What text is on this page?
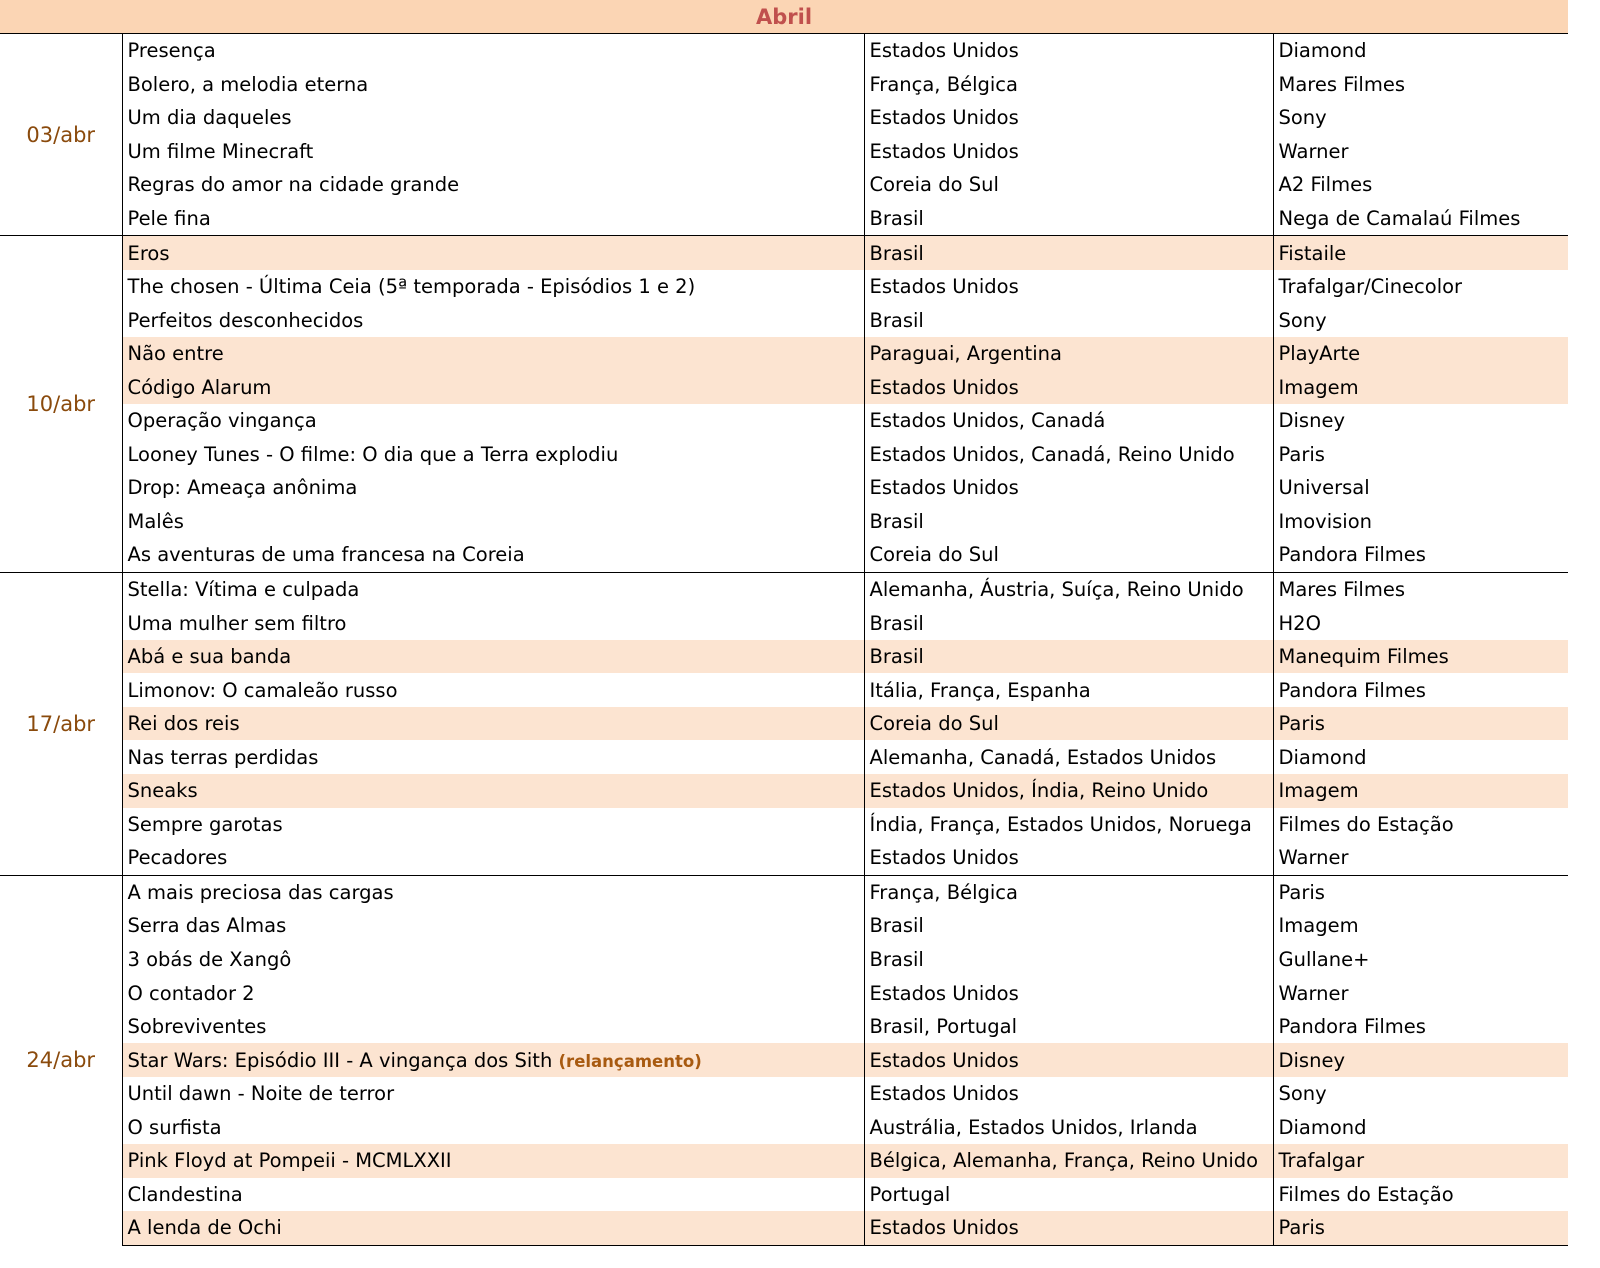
Abril			
03/abr	Presença	Estados Unidos	Diamond
	Bolero, a melodia eterna	França, Bélgica	Mares Filmes
	Um dia daqueles	Estados Unidos	Sony
	Um filme Minecraft	Estados Unidos	Warner
	Regras do amor na cidade grande	Coreia do Sul	A2 Filmes
	Pele fina	Brasil	Nega de Camalaú Filmes
10/abr	Eros	Brasil	Fistaile
	The chosen - Última Ceia (5ª temporada - Episódios 1 e 2)	Estados Unidos	Trafalgar/Cinecolor
	Perfeitos desconhecidos	Brasil	Sony
	Não entre	Paraguai, Argentina	PlayArte
	Código Alarum	Estados Unidos	Imagem
	Operação vingança	Estados Unidos, Canadá	Disney
	Looney Tunes - O filme: O dia que a Terra explodiu	Estados Unidos, Canadá, Reino Unido	Paris
	Drop: Ameaça anônima	Estados Unidos	Universal
	Malês	Brasil	Imovision
	As aventuras de uma francesa na Coreia	Coreia do Sul	Pandora Filmes
17/abr	Stella: Vítima e culpada	Alemanha, Áustria, Suíça, Reino Unido	Mares Filmes
	Uma mulher sem filtro	Brasil	H2O
	Abá e sua banda	Brasil	Manequim Filmes
	Limonov: O camaleão russo	Itália, França, Espanha	Pandora Filmes
	Rei dos reis	Coreia do Sul	Paris
	Nas terras perdidas	Alemanha, Canadá, Estados Unidos	Diamond
	Sneaks	Estados Unidos, Índia, Reino Unido	Imagem
	Sempre garotas	Índia, França, Estados Unidos, Noruega	Filmes do Estação
	Pecadores	Estados Unidos	Warner
24/abr	A mais preciosa das cargas	França, Bélgica	Paris
	Serra das Almas	Brasil	Imagem
	3 obás de Xangô	Brasil	Gullane+
	O contador 2	Estados Unidos	Warner
	Sobreviventes	Brasil, Portugal	Pandora Filmes
	Star Wars: Episódio III - A vingança dos Sith (relançamento)	Estados Unidos	Disney
	Until dawn - Noite de terror	Estados Unidos	Sony
	O surfista	Austrália, Estados Unidos, Irlanda	Diamond
	Pink Floyd at Pompeii - MCMLXXII	Bélgica, Alemanha, França, Reino Unido	Trafalgar
	Clandestina	Portugal	Filmes do Estação
	A lenda de Ochi	Estados Unidos	Paris
